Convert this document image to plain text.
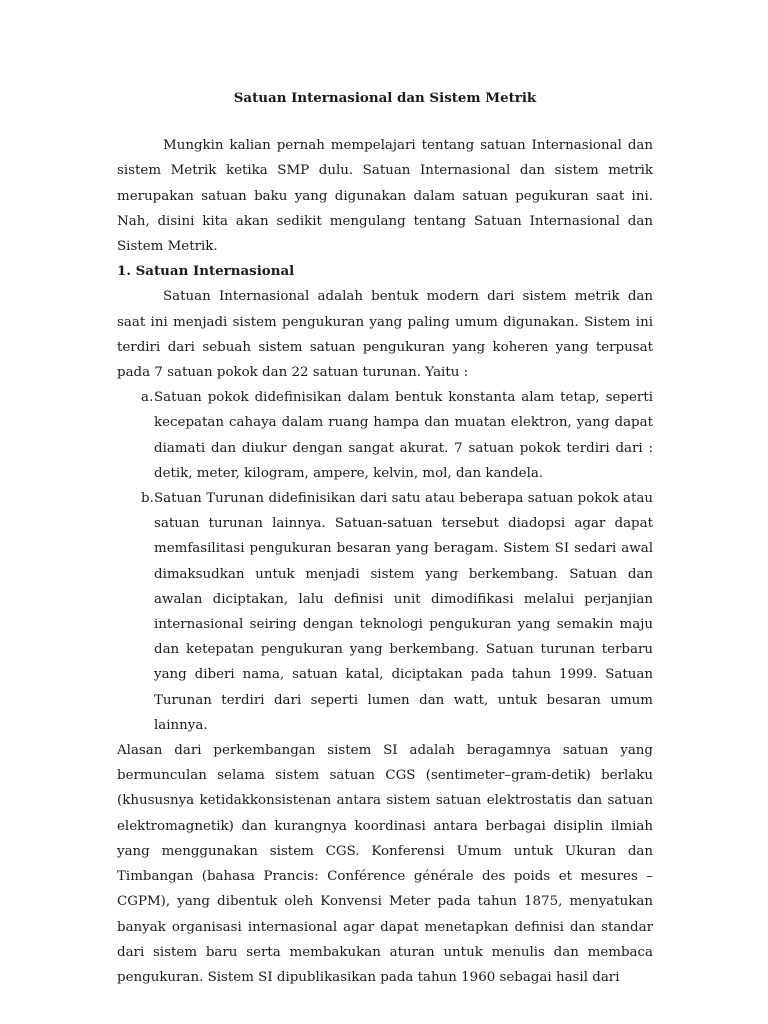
Satuan Internasional dan Sistem Metrik

Mungkin kalian pernah mempelajari tentang satuan Internasional dan sistem Metrik ketika SMP dulu. Satuan Internasional dan sistem metrik merupakan satuan baku yang digunakan dalam satuan pegukuran saat ini. Nah, disini kita akan sedikit mengulang tentang Satuan Internasional dan Sistem Metrik.

1. Satuan Internasional

Satuan Internasional adalah bentuk modern dari sistem metrik dan saat ini menjadi sistem pengukuran yang paling umum digunakan. Sistem ini terdiri dari sebuah sistem satuan pengukuran yang koheren yang terpusat pada 7 satuan pokok dan 22 satuan turunan. Yaitu :

a. Satuan pokok didefinisikan dalam bentuk konstanta alam tetap, seperti kecepatan cahaya dalam ruang hampa dan muatan elektron, yang dapat diamati dan diukur dengan sangat akurat. 7 satuan pokok terdiri dari : detik, meter, kilogram, ampere, kelvin, mol, dan kandela.
b. Satuan Turunan didefinisikan dari satu atau beberapa satuan pokok atau satuan turunan lainnya. Satuan-satuan tersebut diadopsi agar dapat memfasilitasi pengukuran besaran yang beragam. Sistem SI sedari awal dimaksudkan untuk menjadi sistem yang berkembang. Satuan dan awalan diciptakan, lalu definisi unit dimodifikasi melalui perjanjian internasional seiring dengan teknologi pengukuran yang semakin maju dan ketepatan pengukuran yang berkembang. Satuan turunan terbaru yang diberi nama, satuan katal, diciptakan pada tahun 1999. Satuan Turunan terdiri dari seperti lumen dan watt, untuk besaran umum lainnya.

Alasan dari perkembangan sistem SI adalah beragamnya satuan yang bermunculan selama sistem satuan CGS (sentimeter–gram-detik) berlaku (khususnya ketidakkonsistenan antara sistem satuan elektrostatis dan satuan elektromagnetik) dan kurangnya koordinasi antara berbagai disiplin ilmiah yang menggunakan sistem CGS. Konferensi Umum untuk Ukuran dan Timbangan (bahasa Prancis: Conférence générale des poids et mesures – CGPM), yang dibentuk oleh Konvensi Meter pada tahun 1875, menyatukan banyak organisasi internasional agar dapat menetapkan definisi dan standar dari sistem baru serta membakukan aturan untuk menulis dan membaca pengukuran. Sistem SI dipublikasikan pada tahun 1960 sebagai hasil dari
